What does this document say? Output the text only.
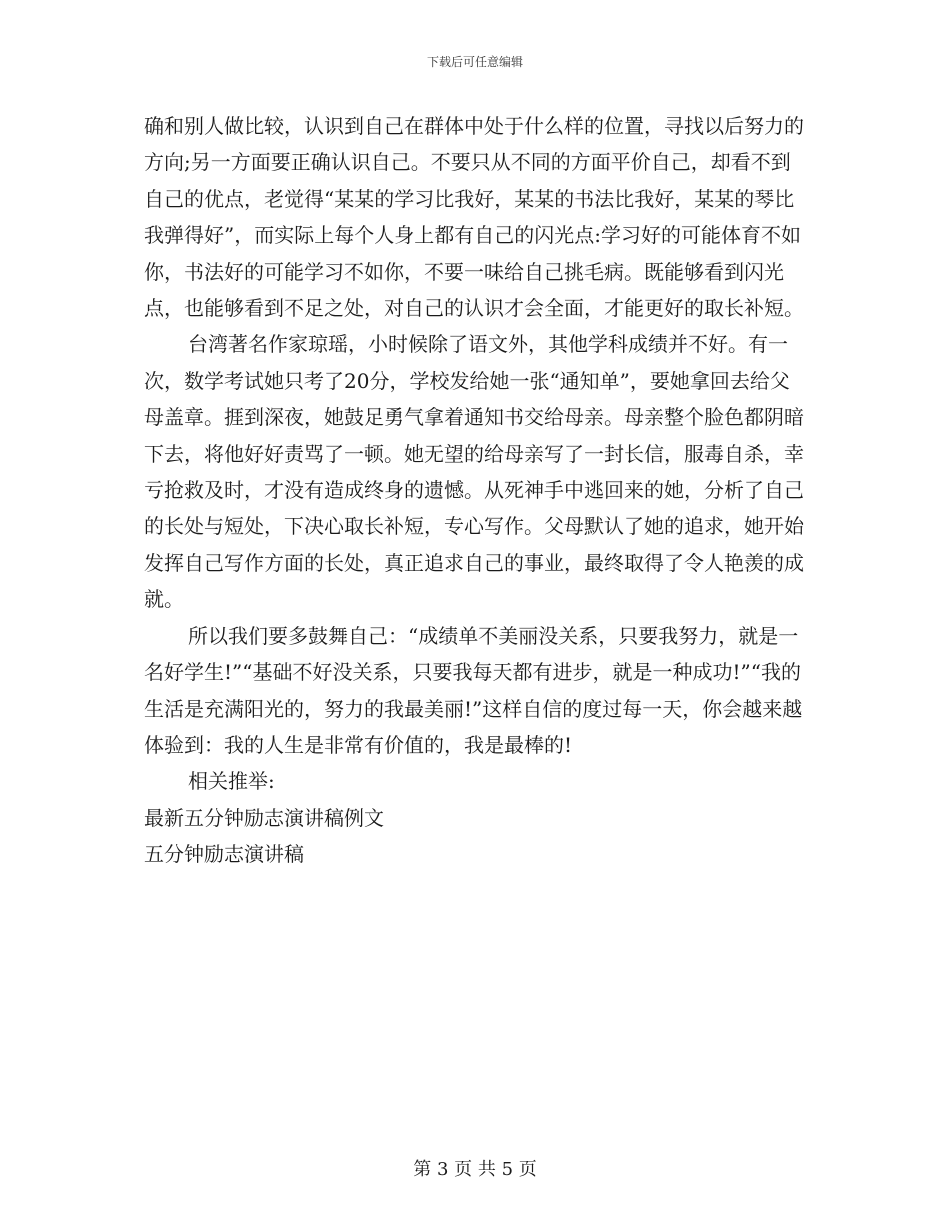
下载后可任意编辑

确和别人做比较，认识到自己在群体中处于什么样的位置，寻找以后努力的方向;另一方面要正确认识自己。不要只从不同的方面平价自己，却看不到自己的优点，老觉得“某某的学习比我好，某某的书法比我好，某某的琴比我弹得好”，而实际上每个人身上都有自己的闪光点:学习好的可能体育不如你，书法好的可能学习不如你，不要一味给自己挑毛病。既能够看到闪光点，也能够看到不足之处，对自己的认识才会全面，才能更好的取长补短。

台湾著名作家琼瑶，小时候除了语文外，其他学科成绩并不好。有一次，数学考试她只考了20分，学校发给她一张“通知单”，要她拿回去给父母盖章。捱到深夜，她鼓足勇气拿着通知书交给母亲。母亲整个脸色都阴暗下去，将他好好责骂了一顿。她无望的给母亲写了一封长信，服毒自杀，幸亏抢救及时，才没有造成终身的遗憾。从死神手中逃回来的她，分析了自己的长处与短处，下决心取长补短，专心写作。父母默认了她的追求，她开始发挥自己写作方面的长处，真正追求自己的事业，最终取得了令人艳羡的成就。

所以我们要多鼓舞自己：“成绩单不美丽没关系，只要我努力，就是一名好学生!”“基础不好没关系，只要我每天都有进步，就是一种成功!”“我的生活是充满阳光的，努力的我最美丽!”这样自信的度过每一天，你会越来越体验到：我的人生是非常有价值的，我是最棒的!

相关推举:

最新五分钟励志演讲稿例文

五分钟励志演讲稿

第 3 页 共 5 页
